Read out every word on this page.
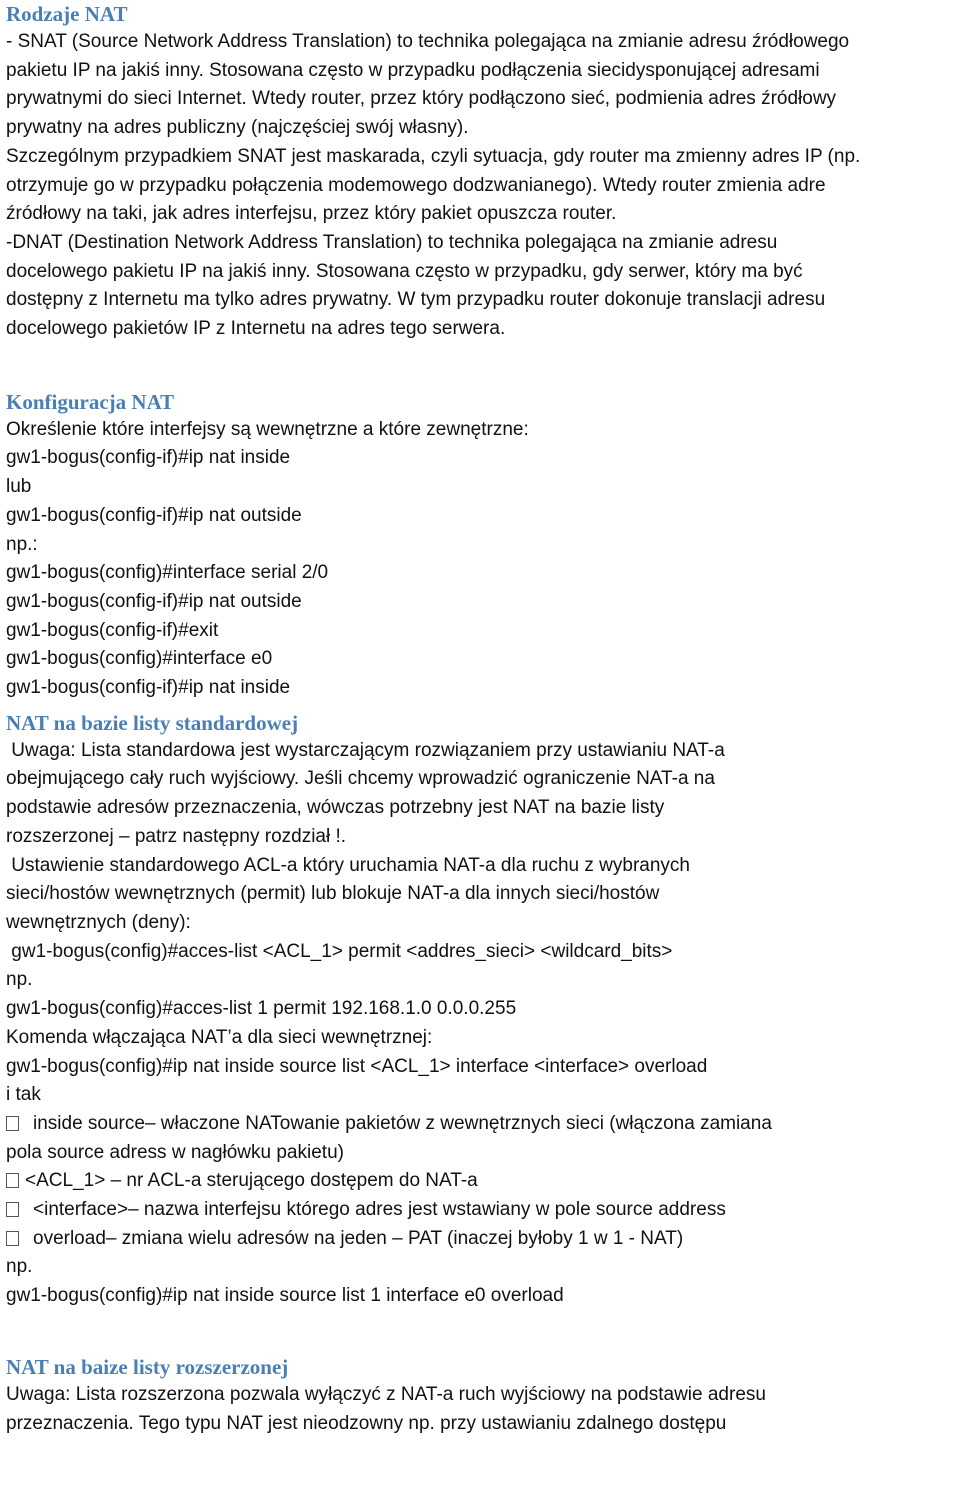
Rodzaje NAT

- SNAT (Source Network Address Translation) to technika polegająca na zmianie adresu źródłowego

pakietu IP na jakiś inny. Stosowana często w przypadku podłączenia siecidysponującej adresami

prywatnymi do sieci Internet. Wtedy router, przez który podłączono sieć, podmienia adres źródłowy

prywatny na adres publiczny (najczęściej swój własny).

Szczególnym przypadkiem SNAT jest maskarada, czyli sytuacja, gdy router ma zmienny adres IP (np.

otrzymuje go w przypadku połączenia modemowego dodzwanianego). Wtedy router zmienia adre

źródłowy na taki, jak adres interfejsu, przez który pakiet opuszcza router.

-DNAT (Destination Network Address Translation) to technika polegająca na zmianie adresu

docelowego pakietu IP na jakiś inny. Stosowana często w przypadku, gdy serwer, który ma być

dostępny z Internetu ma tylko adres prywatny. W tym przypadku router dokonuje translacji adresu

docelowego pakietów IP z Internetu na adres tego serwera.

Konfiguracja NAT

Określenie które interfejsy są wewnętrzne a które zewnętrzne:

gw1-bogus(config-if)#ip nat inside

lub

gw1-bogus(config-if)#ip nat outside

np.:

gw1-bogus(config)#interface serial 2/0

gw1-bogus(config-if)#ip nat outside

gw1-bogus(config-if)#exit

gw1-bogus(config)#interface e0

gw1-bogus(config-if)#ip nat inside

NAT na bazie listy standardowej

Uwaga: Lista standardowa jest wystarczającym rozwiązaniem przy ustawianiu NAT-a

obejmującego cały ruch wyjściowy. Jeśli chcemy wprowadzić ograniczenie NAT-a na

podstawie adresów przeznaczenia, wówczas potrzebny jest NAT na bazie listy

rozszerzonej – patrz następny rozdział !.

Ustawienie standardowego ACL-a który uruchamia NAT-a dla ruchu z wybranych

sieci/hostów wewnętrznych (permit) lub blokuje NAT-a dla innych sieci/hostów

wewnętrznych (deny):

gw1-bogus(config)#acces-list <ACL_1> permit <addres_sieci> <wildcard_bits>

np.

gw1-bogus(config)#acces-list 1 permit 192.168.1.0 0.0.0.255

Komenda włączająca NAT’a dla sieci wewnętrznej:

gw1-bogus(config)#ip nat inside source list <ACL_1> interface <interface> overload

i tak

inside source– właczone NATowanie pakietów z wewnętrznych sieci (włączona zamiana

pola source adress w nagłówku pakietu)

<ACL_1> – nr ACL-a sterującego dostępem do NAT-a

<interface>– nazwa interfejsu którego adres jest wstawiany w pole source address

overload– zmiana wielu adresów na jeden – PAT (inaczej byłoby 1 w 1 - NAT)

np.

gw1-bogus(config)#ip nat inside source list 1 interface e0 overload

NAT na baize listy rozszerzonej

Uwaga: Lista rozszerzona pozwala wyłączyć z NAT-a ruch wyjściowy na podstawie adresu

przeznaczenia. Tego typu NAT jest nieodzowny np. przy ustawianiu zdalnego dostępu
